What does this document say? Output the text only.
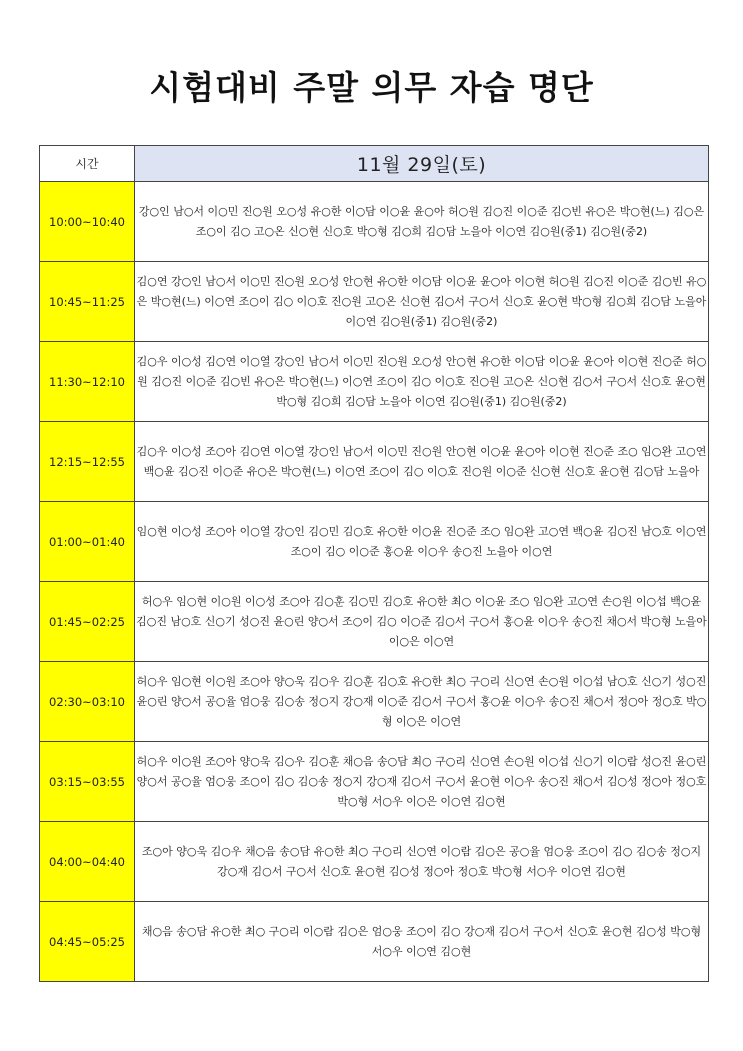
시험대비 주말 의무 자습 명단
시간	11월 29일(토)
10:00~10:40	강○인 남○서 이○민 진○원 오○성 유○한 이○담 이○윤 윤○아 허○원 김○진 이○준 김○빈 유○은 박○현(느) 김○은 조○이 김○ 고○온 신○현 신○호 박○형 김○희 김○담 노을아 이○연 김○원(중1) 김○원(중2)
10:45~11:25	김○연 강○인 남○서 이○민 진○원 오○성 안○현 유○한 이○담 이○윤 윤○아 이○현 허○원 김○진 이○준 김○빈 유○은 박○현(느) 이○연 조○이 김○ 이○호 진○원 고○온 신○현 김○서 구○서 신○호 윤○현 박○형 김○희 김○담 노을아 이○연 김○원(중1) 김○원(중2)
11:30~12:10	김○우 이○성 김○연 이○열 강○인 남○서 이○민 진○원 오○성 안○현 유○한 이○담 이○윤 윤○아 이○현 진○준 허○원 김○진 이○준 김○빈 유○은 박○현(느) 이○연 조○이 김○ 이○호 진○원 고○온 신○현 김○서 구○서 신○호 윤○현 박○형 김○희 김○담 노을아 이○연 김○원(중1) 김○원(중2)
12:15~12:55	김○우 이○성 조○아 김○연 이○열 강○인 남○서 이○민 진○원 안○현 이○윤 윤○아 이○현 진○준 조○ 임○완 고○연 백○윤 김○진 이○준 유○은 박○현(느) 이○연 조○이 김○ 이○호 진○원 이○준 신○현 신○호 윤○현 김○담 노을아
01:00~01:40	임○현 이○성 조○아 이○열 강○인 김○민 김○호 유○한 이○윤 진○준 조○ 임○완 고○연 백○윤 김○진 남○호 이○연 조○이 김○ 이○준 홍○윤 이○우 송○진 노을아 이○연
01:45~02:25	허○우 임○현 이○원 이○성 조○아 김○훈 김○민 김○호 유○한 최○ 이○윤 조○ 임○완 고○연 손○원 이○섭 백○윤 김○진 남○호 신○기 성○진 윤○린 양○서 조○이 김○ 이○준 김○서 구○서 홍○윤 이○우 송○진 채○서 박○형 노을아 이○은 이○연
02:30~03:10	허○우 임○현 이○원 조○아 양○욱 김○우 김○훈 김○호 유○한 최○ 구○리 신○연 손○원 이○섭 남○호 신○기 성○진 윤○린 양○서 공○율 엄○웅 김○송 정○지 강○재 이○준 김○서 구○서 홍○윤 이○우 송○진 채○서 정○아 정○호 박○형 이○은 이○연
03:15~03:55	허○우 이○원 조○아 양○욱 김○우 김○훈 채○음 송○담 최○ 구○리 신○연 손○원 이○섭 신○기 이○람 성○진 윤○린 양○서 공○율 엄○웅 조○이 김○ 김○송 정○지 강○재 김○서 구○서 윤○현 이○우 송○진 채○서 김○성 정○아 정○호 박○형 서○우 이○은 이○연 김○현
04:00~04:40	조○아 양○욱 김○우 채○음 송○담 유○한 최○ 구○리 신○연 이○람 김○은 공○율 엄○웅 조○이 김○ 김○송 정○지 강○재 김○서 구○서 신○호 윤○현 김○성 정○아 정○호 박○형 서○우 이○연 김○현
04:45~05:25	채○음 송○담 유○한 최○ 구○리 이○람 김○은 엄○웅 조○이 김○ 강○재 김○서 구○서 신○호 윤○현 김○성 박○형 서○우 이○연 김○현
